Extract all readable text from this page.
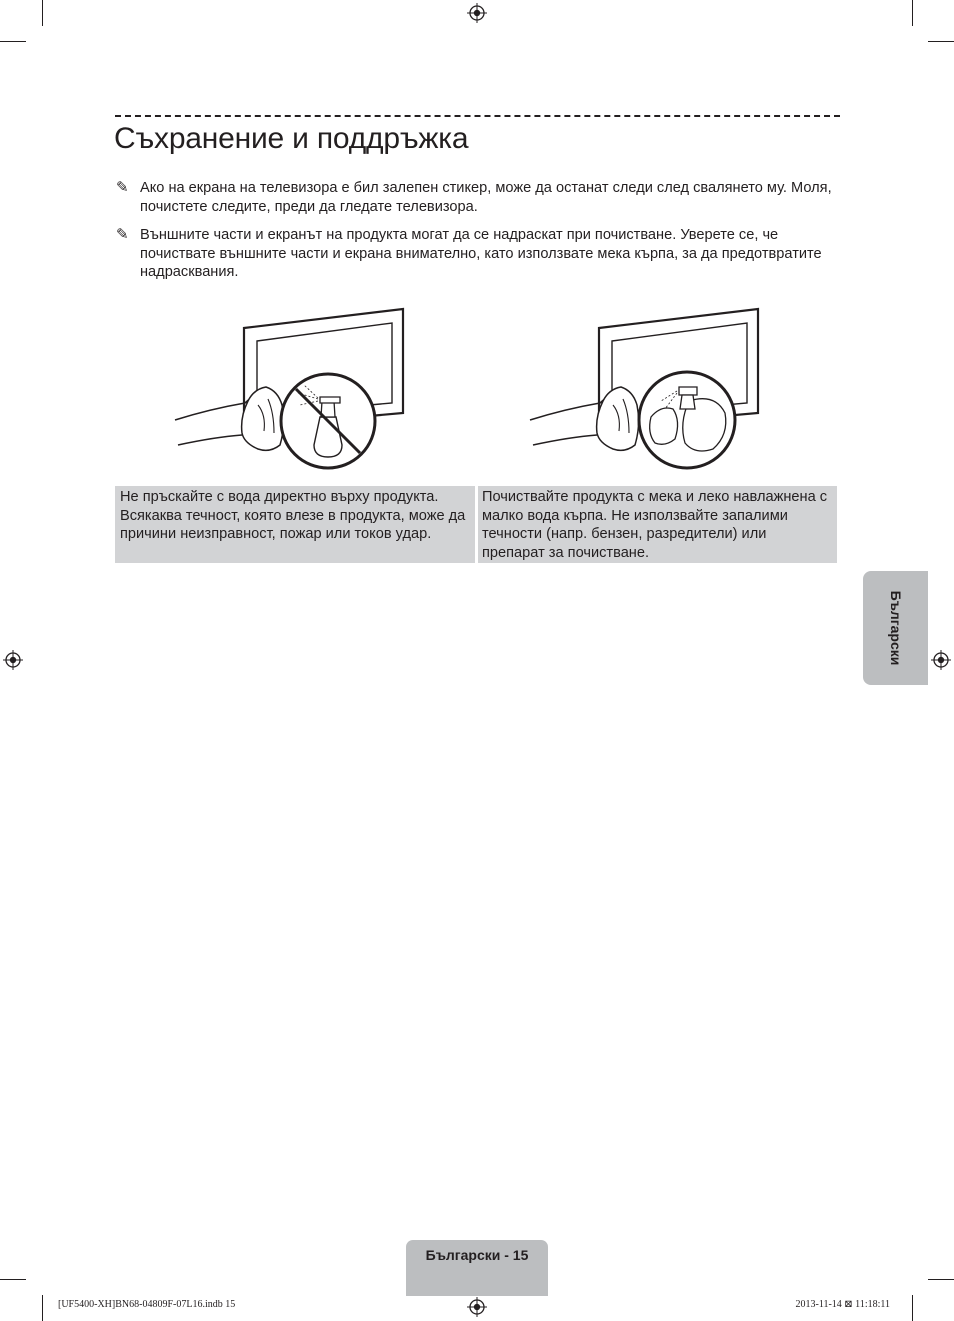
Съхранение и поддръжка
✎ Ако на екрана на телевизора е бил залепен стикер, може да останат следи след свалянето му. Моля, почистете следите, преди да гледате телевизора.
✎ Външните части и екранът на продукта могат да се надраскат при почистване. Уверете се, че почиствате външните части и екрана внимателно, като използвате мека кърпа, за да предотвратите надрасквания.
Не пръскайте с вода директно върху продукта. Всякаква течност, която влезе в продукта, може да причини неизправност, пожар или токов удар.
Почиствайте продукта с мека и леко навлажнена с малко вода кърпа. Не използвайте запалими течности (напр. бензен, разредители) или препарат за почистване.
Български
Български - 15
[UF5400-XH]BN68-04809F-07L16.indb 15	2013-11-14 ⊠ 11:18:11
